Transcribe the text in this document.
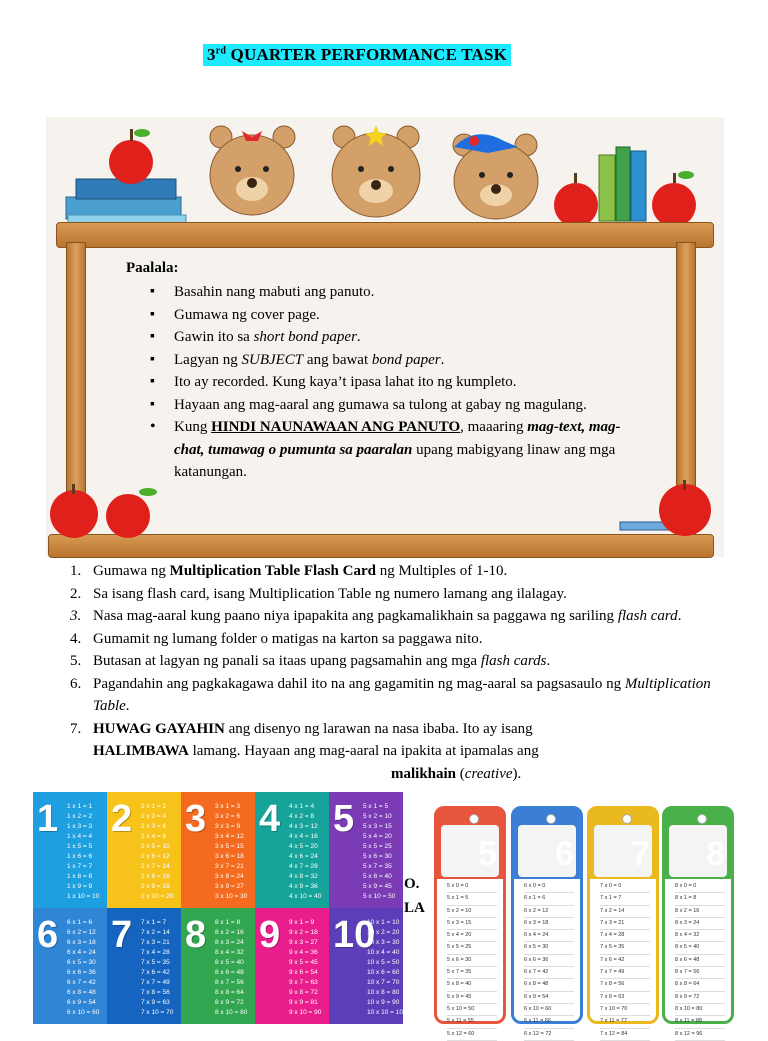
3rd QUARTER PERFORMANCE TASK
Paalala:
▪ Basahin nang mabuti ang panuto.
▪ Gumawa ng cover page.
▪ Gawin ito sa short bond paper.
▪ Lagyan ng SUBJECT ang bawat bond paper.
▪ Ito ay recorded. Kung kaya’t ipasa lahat ito ng kumpleto.
▪ Hayaan ang mag-aaral ang gumawa sa tulong at gabay ng magulang.
• Kung HINDI NAUNAWAAN ANG PANUTO, maaaring mag-text, mag-chat, tumawag o pumunta sa paaralan upang mabigyang linaw ang mga katanungan.
1. Gumawa ng Multiplication Table Flash Card ng Multiples of 1-10.
2. Sa isang flash card, isang Multiplication Table ng numero lamang ang ilalagay.
3. Nasa mag-aaral kung paano niya ipapakita ang pagkamalikhain sa paggawa ng sariling flash card.
4. Gumamit ng lumang folder o matigas na karton sa paggawa nito.
5. Butasan at lagyan ng panali sa itaas upang pagsamahin ang mga flash cards.
6. Pagandahin ang pagkakagawa dahil ito na ang gagamitin ng mag-aaral sa pagsasaulo ng Multiplication Table.
7. HUWAG GAYAHIN ang disenyo ng larawan na nasa ibaba. Ito ay isang
HALIMBAWA lamang. Hayaan ang mag-aaral na ipakita at ipamalas ang
malikhain (creative).
O.
LA
1 1 x 1 = 1
1 x 2 = 2
1 x 3 = 3
1 x 4 = 4
1 x 5 = 5
1 x 6 = 6
1 x 7 = 7
1 x 8 = 8
1 x 9 = 9
1 x 10 = 10
2 2 x 1 = 2
2 x 2 = 4
2 x 3 = 6
2 x 4 = 8
2 x 5 = 10
2 x 6 = 12
2 x 7 = 14
2 x 8 = 16
2 x 9 = 18
2 x 10 = 20
3 3 x 1 = 3
3 x 2 = 6
3 x 3 = 9
3 x 4 = 12
3 x 5 = 15
3 x 6 = 18
3 x 7 = 21
3 x 8 = 24
3 x 9 = 27
3 x 10 = 30
4 4 x 1 = 4
4 x 2 = 8
4 x 3 = 12
4 x 4 = 16
4 x 5 = 20
4 x 6 = 24
4 x 7 = 28
4 x 8 = 32
4 x 9 = 36
4 x 10 = 40
5 5 x 1 = 5
5 x 2 = 10
5 x 3 = 15
5 x 4 = 20
5 x 5 = 25
5 x 6 = 30
5 x 7 = 35
5 x 8 = 40
5 x 9 = 45
5 x 10 = 50
6 6 x 1 = 6
6 x 2 = 12
6 x 3 = 18
6 x 4 = 24
6 x 5 = 30
6 x 6 = 36
6 x 7 = 42
6 x 8 = 48
6 x 9 = 54
6 x 10 = 60
7 7 x 1 = 7
7 x 2 = 14
7 x 3 = 21
7 x 4 = 28
7 x 5 = 35
7 x 6 = 42
7 x 7 = 49
7 x 8 = 56
7 x 9 = 63
7 x 10 = 70
8 8 x 1 = 8
8 x 2 = 16
8 x 3 = 24
8 x 4 = 32
8 x 5 = 40
8 x 6 = 48
8 x 7 = 56
8 x 8 = 64
8 x 9 = 72
8 x 10 = 80
9 9 x 1 = 9
9 x 2 = 18
9 x 3 = 27
9 x 4 = 36
9 x 5 = 45
9 x 6 = 54
9 x 7 = 63
9 x 8 = 72
9 x 9 = 81
9 x 10 = 90
10
10 x 1 = 10
10 x 2 = 20
10 x 3 = 30
10 x 4 = 40
10 x 5 = 50
10 x 6 = 60
10 x 7 = 70
10 x 8 = 80
10 x 9 = 90
10 x 10 = 100
5
5 x 0 = 0
5 x 1 = 5
5 x 2 = 10
5 x 3 = 15
5 x 4 = 20
5 x 5 = 25
5 x 6 = 30
5 x 7 = 35
5 x 8 = 40
5 x 9 = 45
5 x 10 = 50
5 x 11 = 55
5 x 12 = 60
6
6 x 0 = 0
6 x 1 = 6
6 x 2 = 12
6 x 3 = 18
6 x 4 = 24
6 x 5 = 30
6 x 6 = 36
6 x 7 = 42
6 x 8 = 48
6 x 9 = 54
6 x 10 = 60
6 x 11 = 66
6 x 12 = 72
7
7 x 0 = 0
7 x 1 = 7
7 x 2 = 14
7 x 3 = 21
7 x 4 = 28
7 x 5 = 35
7 x 6 = 42
7 x 7 = 49
7 x 8 = 56
7 x 9 = 63
7 x 10 = 70
7 x 11 = 77
7 x 12 = 84
8
8 x 0 = 0
8 x 1 = 8
8 x 2 = 16
8 x 3 = 24
8 x 4 = 32
8 x 5 = 40
8 x 6 = 48
8 x 7 = 56
8 x 8 = 64
8 x 9 = 72
8 x 10 = 80
8 x 11 = 88
8 x 12 = 96
